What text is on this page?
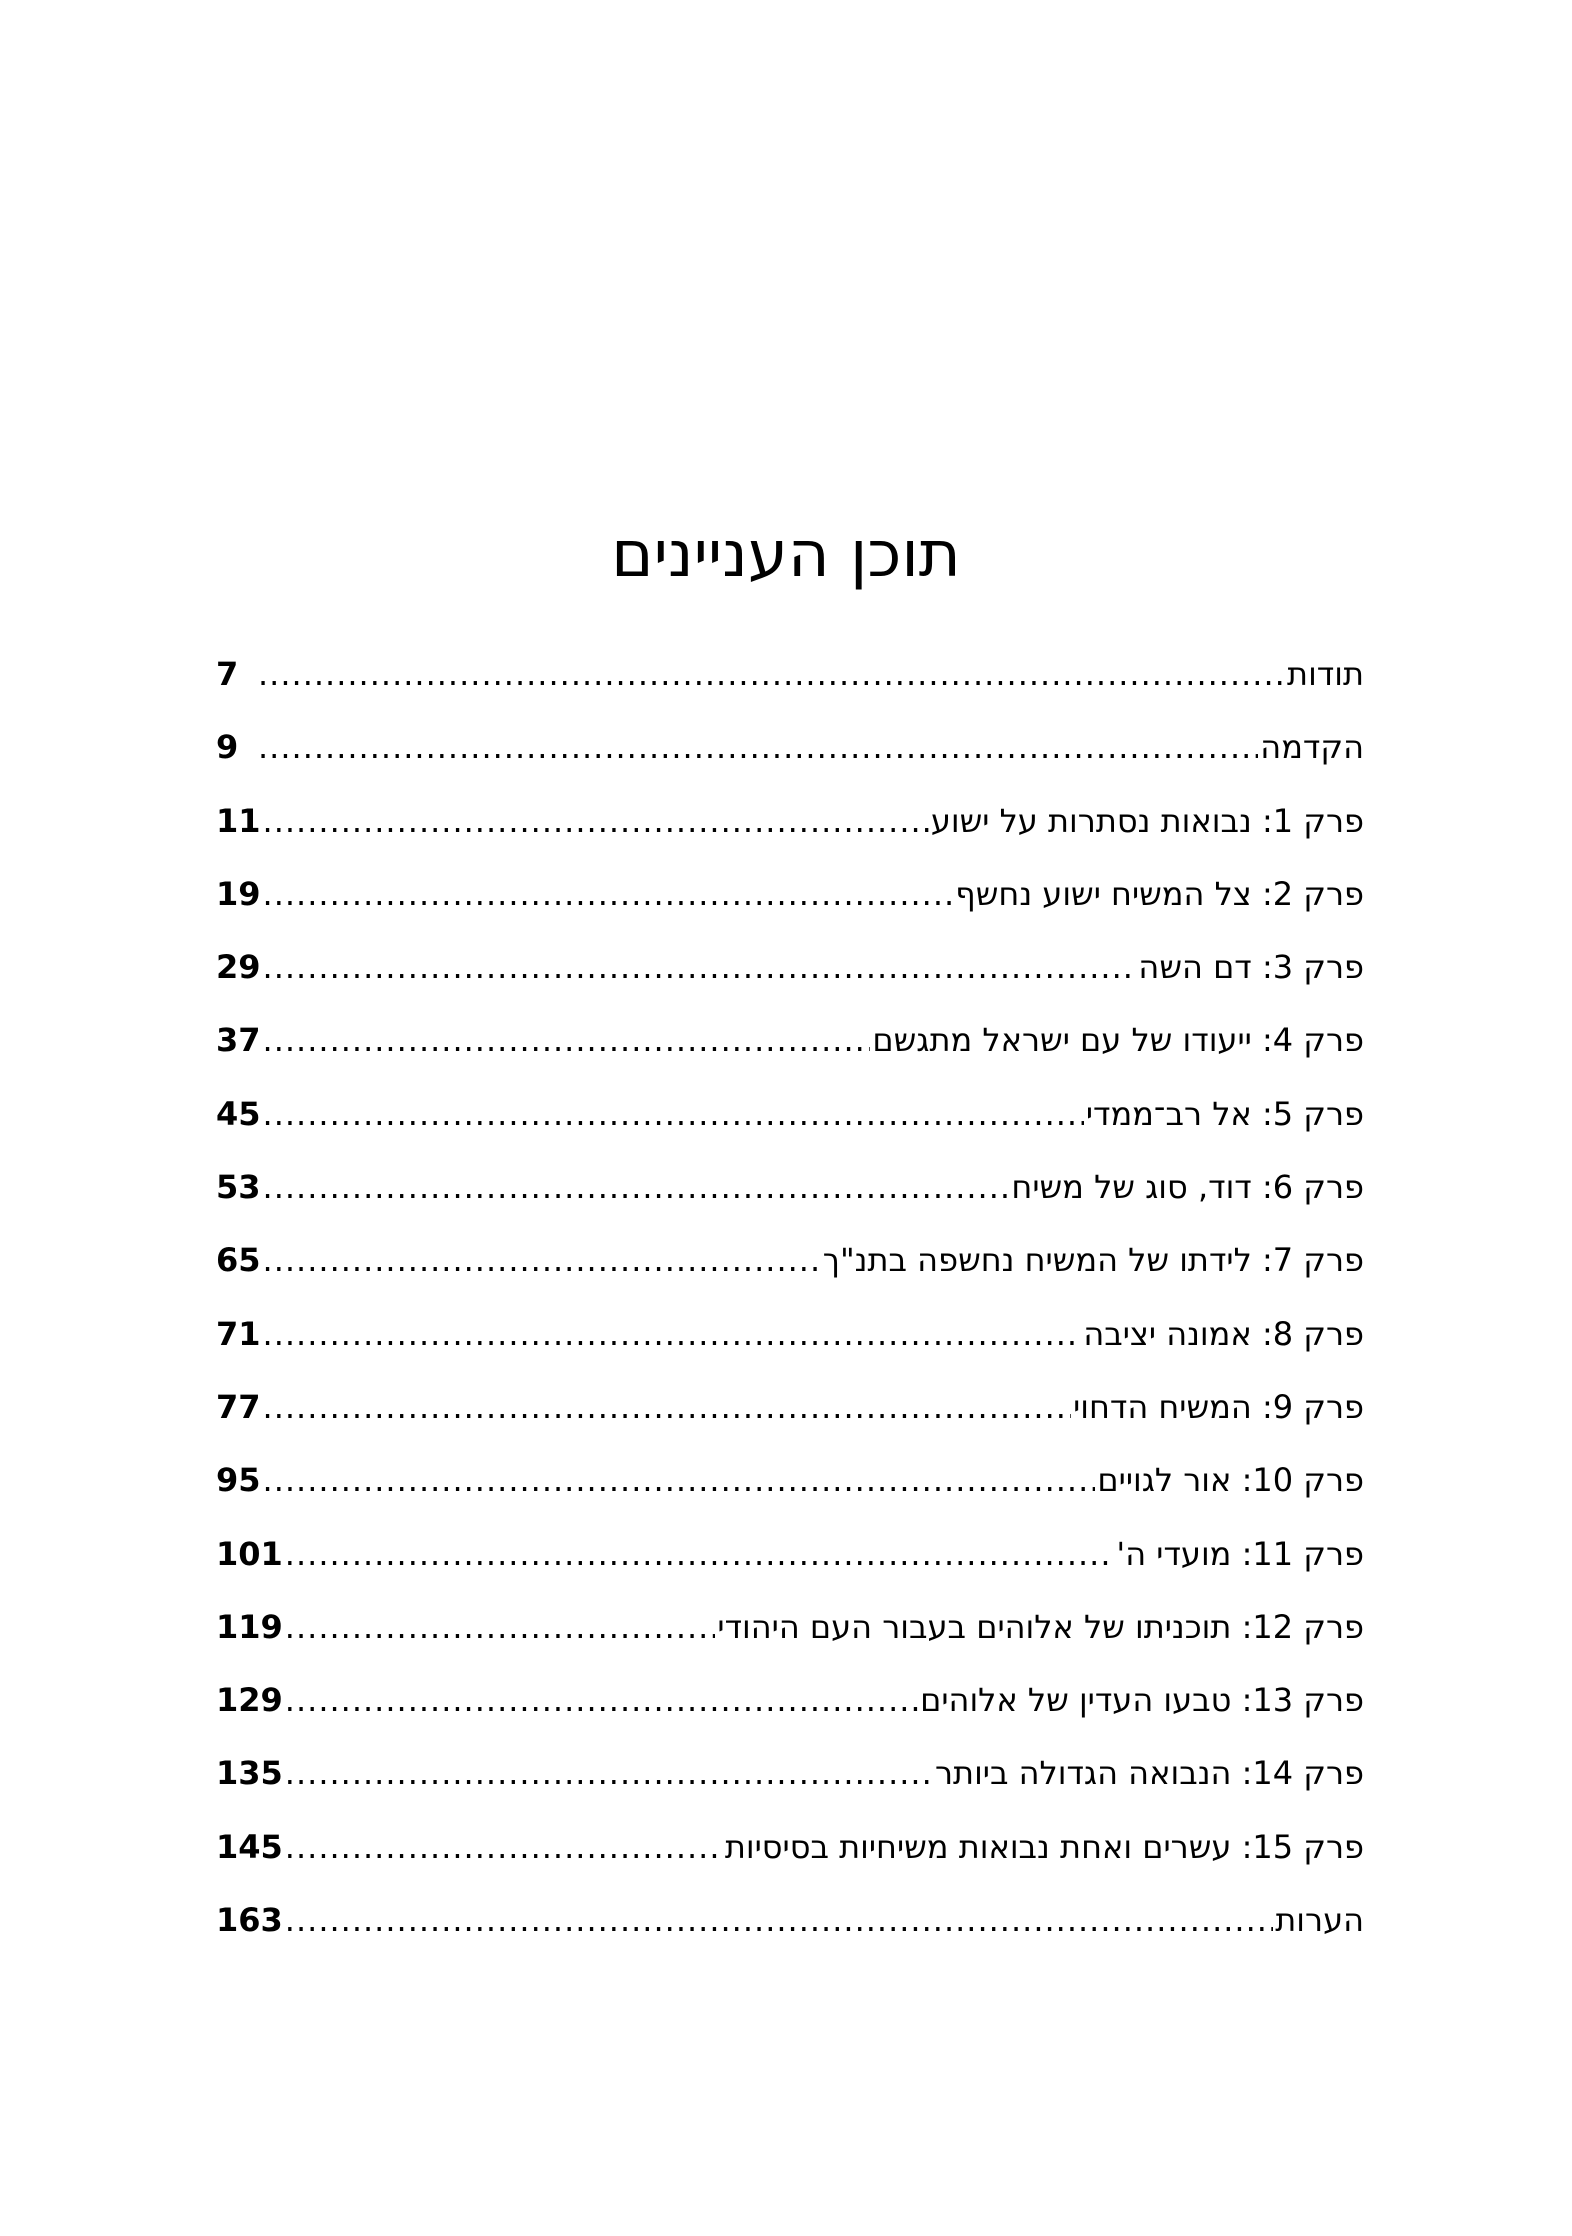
תוכן העניינים
תודות
.....
7
הקדמה
.....
9
פרק 1: נבואות נסתרות על ישוע
.....
11
פרק 2: צל המשיח ישוע נחשף
.....
19
פרק 3: דם השה
.....
29
פרק 4: ייעודו של עם ישראל מתגשם
.....
37
פרק 5: אל רב־ממדי
.....
45
פרק 6: דוד, סוג של משיח
.....
53
פרק 7: לידתו של המשיח נחשפה בתנ"ך
.....
65
פרק 8: אמונה יציבה
.....
71
פרק 9: המשיח הדחוי
.....
77
פרק 10: אור לגויים
.....
95
פרק 11: מועדי ה'
.....
101
פרק 12: תוכניתו של אלוהים בעבור העם היהודי
.....
119
פרק 13: טבעו העדין של אלוהים
.....
129
פרק 14: הנבואה הגדולה ביותר
.....
135
פרק 15: עשרים ואחת נבואות משיחיות בסיסיות
.....
145
הערות
.....
163
